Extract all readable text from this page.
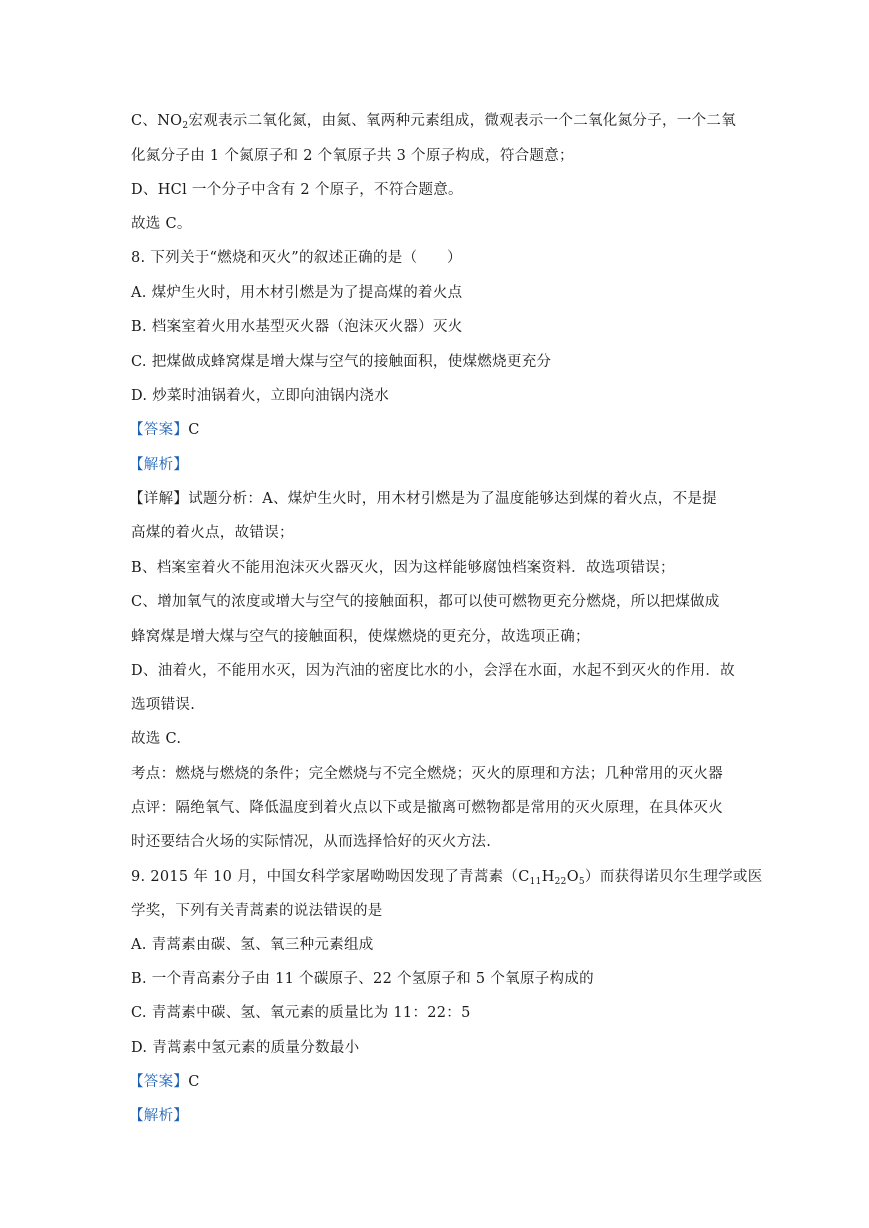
C、$NO_2$宏观表示二氧化氮，由氮、氧两种元素组成，微观表示一个二氧化氮分子，一个二氧
化氮分子由 1 个氮原子和 2 个氧原子共 3 个原子构成，符合题意；
D、HCl 一个分子中含有 2 个原子，不符合题意。
故选 C。
8. 下列关于“燃烧和灭火”的叙述正确的是（　　）
A. 煤炉生火时，用木材引燃是为了提高煤的着火点
B. 档案室着火用水基型灭火器（泡沫灭火器）灭火
C. 把煤做成蜂窝煤是增大煤与空气的接触面积，使煤燃烧更充分
D. 炒菜时油锅着火，立即向油锅内浇水
【答案】C
【解析】
【详解】试题分析：A、煤炉生火时，用木材引燃是为了温度能够达到煤的着火点，不是提
高煤的着火点，故错误；
B、档案室着火不能用泡沫灭火器灭火，因为这样能够腐蚀档案资料．故选项错误；
C、增加氧气的浓度或增大与空气的接触面积，都可以使可燃物更充分燃烧，所以把煤做成
蜂窝煤是增大煤与空气的接触面积，使煤燃烧的更充分，故选项正确；
D、油着火，不能用水灭，因为汽油的密度比水的小，会浮在水面，水起不到灭火的作用．故
选项错误.
故选 C.
考点：燃烧与燃烧的条件；完全燃烧与不完全燃烧；灭火的原理和方法；几种常用的灭火器
点评：隔绝氧气、降低温度到着火点以下或是撤离可燃物都是常用的灭火原理，在具体灭火
时还要结合火场的实际情况，从而选择恰好的灭火方法.
9. 2015 年 10 月，中国女科学家屠呦呦因发现了青蒿素$(C_{11}H_{22}O_5)$而获得诺贝尔生理学或医
学奖，下列有关青蒿素的说法错误的是
A. 青蒿素由碳、氢、氧三种元素组成
B. 一个青高素分子由 11 个碳原子、22 个氢原子和 5 个氧原子构成的
C. 青蒿素中碳、氢、氧元素的质量比为 11：22：5
D. 青蒿素中氢元素的质量分数最小
【答案】C
【解析】
